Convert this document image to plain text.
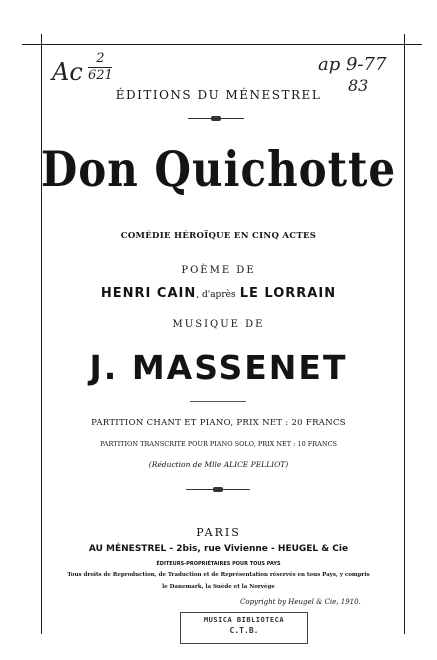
Ac	2
621
ap 9-77
83
ÉDITIONS DU MÉNESTREL
Don Quichotte
COMÉDIE HÉROÏQUE EN CINQ ACTES
POÈME DE
HENRI CAIN, d'après LE LORRAIN
MUSIQUE DE
J. MASSENET
PARTITION CHANT ET PIANO, PRIX NET : 20 FRANCS
PARTITION TRANSCRITE POUR PIANO SOLO, PRIX NET : 10 FRANCS
(Réduction de Mlle ALICE PELLIOT)
PARIS
AU MÉNESTREL - 2bis, rue Vivienne - HEUGEL & Cie
ÉDITEURS-PROPRIÉTAIRES POUR TOUS PAYS
Tous droits de Reproduction, de Traduction et de Représentation réservés en tous Pays, y compris
le Danemark, la Suède et la Norvège
Copyright by Heugel & Cie, 1910.
MUSICA BIBLIOTECA
C.T.B.
